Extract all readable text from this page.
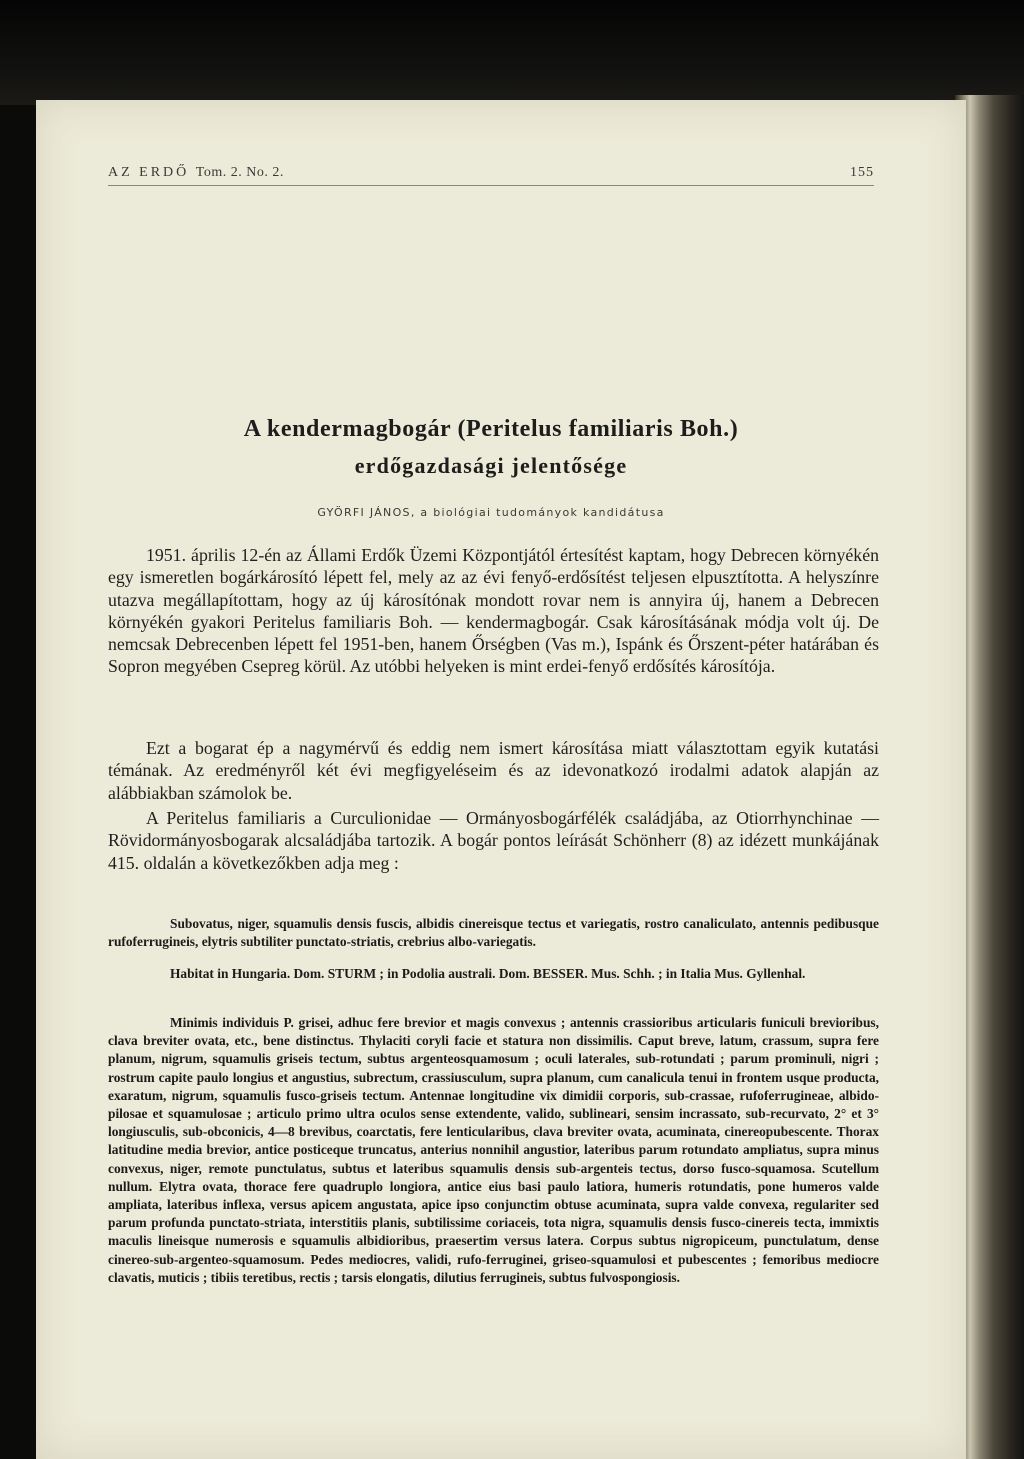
AZ ERDŐ Tom. 2. No. 2.	155
A kendermagbogár (Peritelus familiaris Boh.)
erdőgazdasági jelentősége
GYÖRFI JÁNOS, a biológiai tudományok kandidátusa

1951. április 12-én az Állami Erdők Üzemi Központjától értesítést kaptam, hogy Debrecen környékén egy ismeretlen bogárkárosító lépett fel, mely az az évi fenyő-erdősítést teljesen elpusztította. A helyszínre utazva megállapítottam, hogy az új károsítónak mondott rovar nem is annyira új, hanem a Debrecen környékén gyakori Peritelus familiaris Boh. — kendermagbogár. Csak károsításának módja volt új. De nemcsak Debrecenben lépett fel 1951-ben, hanem Őrségben (Vas m.), Ispánk és Őrszent-péter határában és Sopron megyében Csepreg körül. Az utóbbi helyeken is mint erdei-fenyő erdősítés károsítója.

Ezt a bogarat ép a nagymérvű és eddig nem ismert károsítása miatt választottam egyik kutatási témának. Az eredményről két évi megfigyeléseim és az idevonatkozó irodalmi adatok alapján az alábbiakban számolok be.

A Peritelus familiaris a Curculionidae — Ormányosbogárfélék családjába, az Otiorrhynchinae — Rövidormányosbogarak alcsaládjába tartozik. A bogár pontos leírását Schönherr (8) az idézett munkájának 415. oldalán a következőkben adja meg :

Subovatus, niger, squamulis densis fuscis, albidis cinereisque tectus et variegatis, rostro canaliculato, antennis pedibusque rufoferrugineis, elytris subtiliter punctato-striatis, crebrius albo-variegatis.

Habitat in Hungaria. Dom. STURM ; in Podolia australi. Dom. BESSER. Mus. Schh. ; in Italia Mus. Gyllenhal.

Minimis individuis P. grisei, adhuc fere brevior et magis convexus ; antennis crassioribus articularis funiculi brevioribus, clava breviter ovata, etc., bene distinctus. Thylaciti coryli facie et statura non dissimilis. Caput breve, latum, crassum, supra fere planum, nigrum, squamulis griseis tectum, subtus argenteosquamosum ; oculi laterales, sub-rotundati ; parum prominuli, nigri ; rostrum capite paulo longius et angustius, subrectum, crassiusculum, supra planum, cum canalicula tenui in frontem usque producta, exaratum, nigrum, squamulis fusco-griseis tectum. Antennae longitudine vix dimidii corporis, sub-crassae, rufoferrugineae, albido-pilosae et squamulosae ; articulo primo ultra oculos sense extendente, valido, sublineari, sensim incrassato, sub-recurvato, 2° et 3° longiusculis, sub-obconicis, 4—8 brevibus, coarctatis, fere lenticularibus, clava breviter ovata, acuminata, cinereopubescente. Thorax latitudine media brevior, antice posticeque truncatus, anterius nonnihil angustior, lateribus parum rotundato ampliatus, supra minus convexus, niger, remote punctulatus, subtus et lateribus squamulis densis sub-argenteis tectus, dorso fusco-squamosa. Scutellum nullum. Elytra ovata, thorace fere quadruplo longiora, antice eius basi paulo latiora, humeris rotundatis, pone humeros valde ampliata, lateribus inflexa, versus apicem angustata, apice ipso conjunctim obtuse acuminata, supra valde convexa, regulariter sed parum profunda punctato-striata, interstitiis planis, subtilissime coriaceis, tota nigra, squamulis densis fusco-cinereis tecta, immixtis maculis lineisque numerosis e squamulis albidioribus, praesertim versus latera. Corpus subtus nigropiceum, punctulatum, dense cinereo-sub-argenteo-squamosum. Pedes mediocres, validi, rufo-ferruginei, griseo-squamulosi et pubescentes ; femoribus mediocre clavatis, muticis ; tibiis teretibus, rectis ; tarsis elongatis, dilutius ferrugineis, subtus fulvospongiosis.
